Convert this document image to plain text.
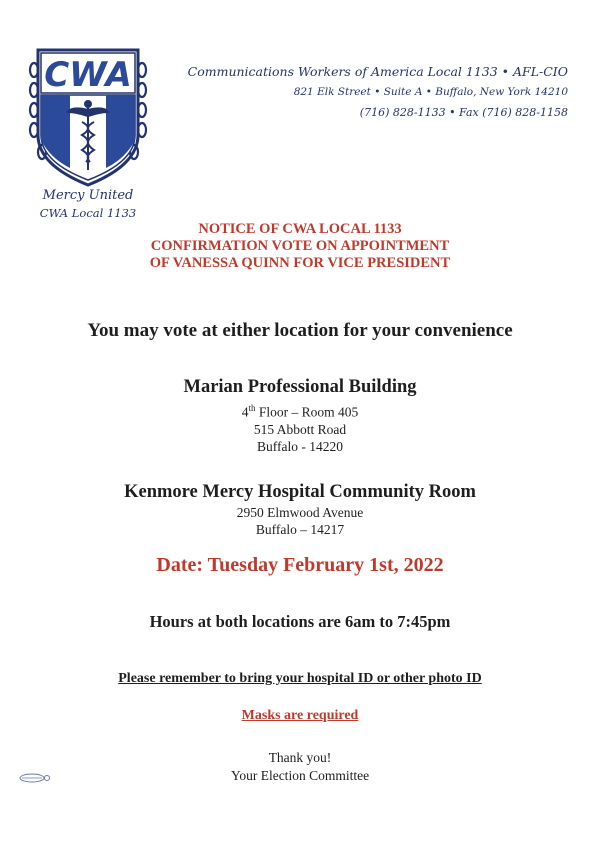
CWA
Mercy United
CWA Local 1133
Communications Workers of America Local 1133 • AFL-CIO
821 Elk Street • Suite A • Buffalo, New York 14210
(716) 828-1133 • Fax (716) 828-1158
NOTICE OF CWA LOCAL 1133
CONFIRMATION VOTE ON APPOINTMENT
OF VANESSA QUINN FOR VICE PRESIDENT
You may vote at either location for your convenience
Marian Professional Building
4th Floor – Room 405
515 Abbott Road
Buffalo - 14220
Kenmore Mercy Hospital Community Room
2950 Elmwood Avenue
Buffalo – 14217
Date: Tuesday February 1st, 2022
Hours at both locations are 6am to 7:45pm
Please remember to bring your hospital ID or other photo ID
Masks are required
Thank you!
Your Election Committee
